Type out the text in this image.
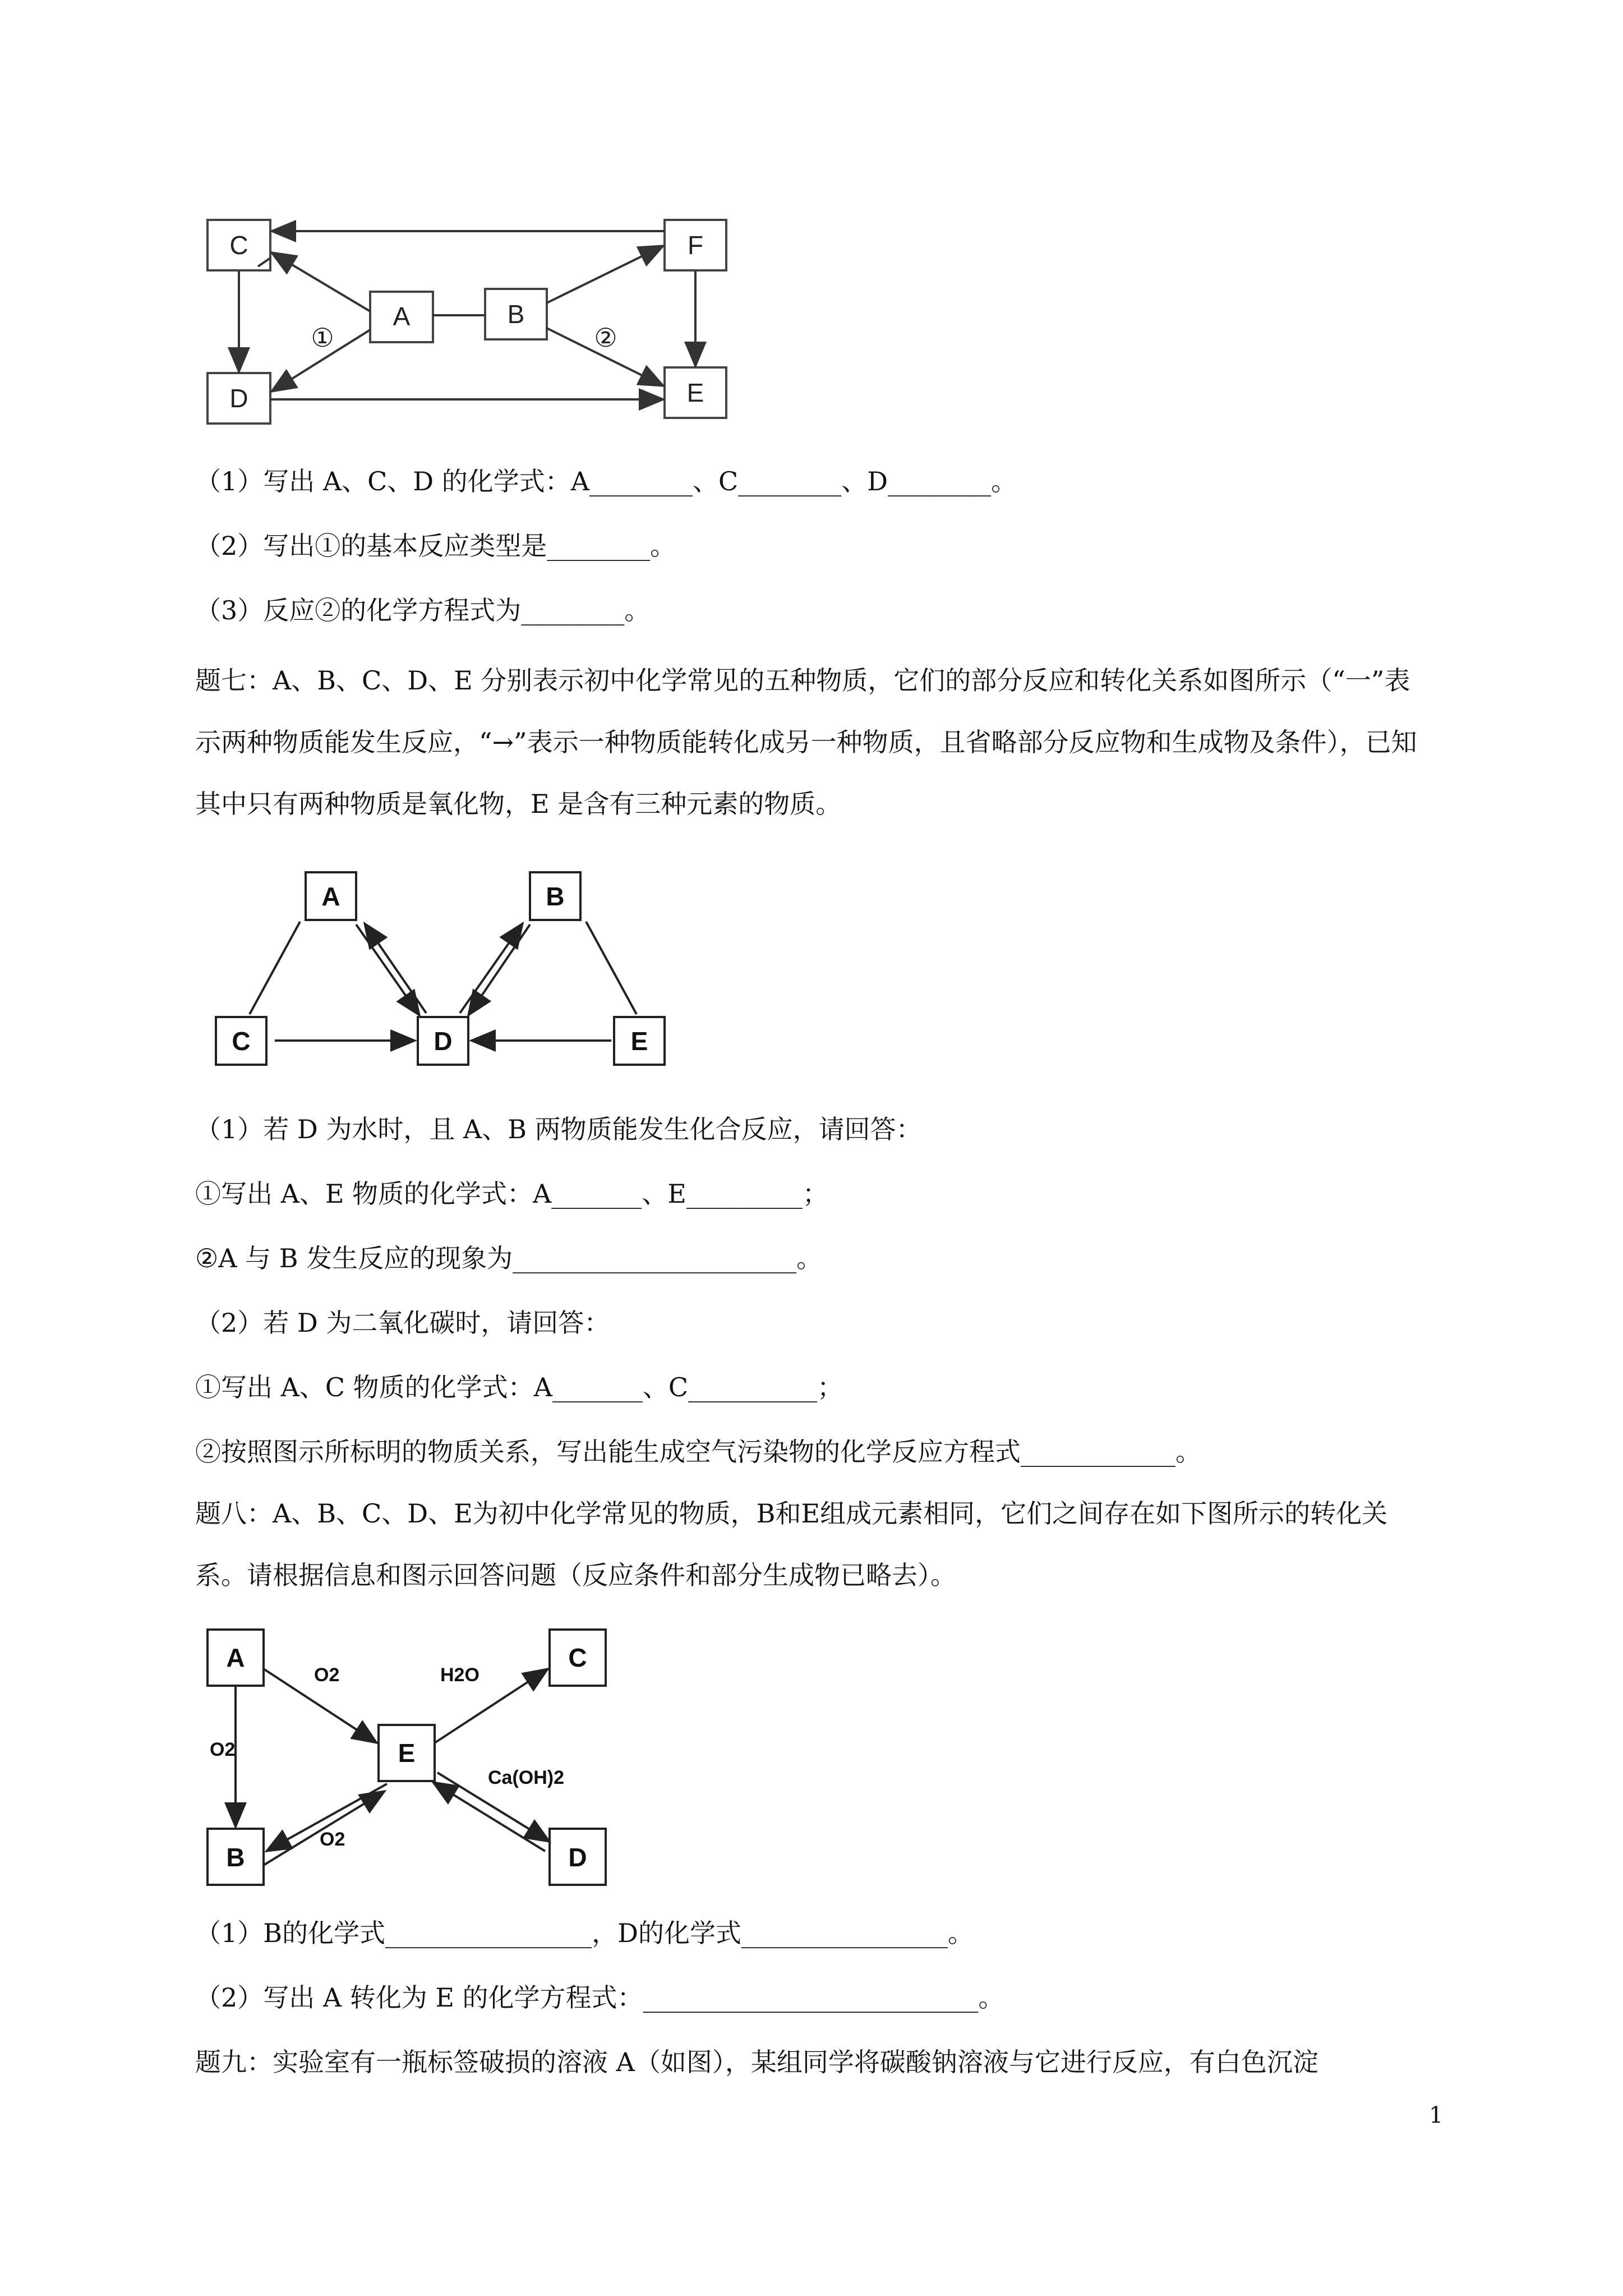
C	F
A	B
D	E
①	②
（1）写出 A、C、D 的化学式：A________、C________、D________。
（2）写出①的基本反应类型是________。
（3）反应②的化学方程式为________。
题七：A、B、C、D、E 分别表示初中化学常见的五种物质，它们的部分反应和转化关系如图所示（“一”表示两种物质能发生反应，“→”表示一种物质能转化成另一种物质，且省略部分反应物和生成物及条件），已知其中只有两种物质是氧化物，E 是含有三种元素的物质。
A	B
C	D	E
（1）若 D 为水时，且 A、B 两物质能发生化合反应，请回答：
①写出 A、E 物质的化学式：A_______、E_________；
②A 与 B 发生反应的现象为______________________。
（2）若 D 为二氧化碳时，请回答：
①写出 A、C 物质的化学式：A_______、C__________；
②按照图示所标明的物质关系，写出能生成空气污染物的化学反应方程式____________。
题八：A、B、C、D、E为初中化学常见的物质，B和E组成元素相同，它们之间存在如下图所示的转化关系。请根据信息和图示回答问题（反应条件和部分生成物已略去）。
A	C
E
B	D
O2
O2
O2
H2O
Ca(OH)2
（1）B的化学式________________，D的化学式________________。
（2）写出 A 转化为 E 的化学方程式：__________________________。
题九：实验室有一瓶标签破损的溶液 A（如图），某组同学将碳酸钠溶液与它进行反应，有白色沉淀
1
